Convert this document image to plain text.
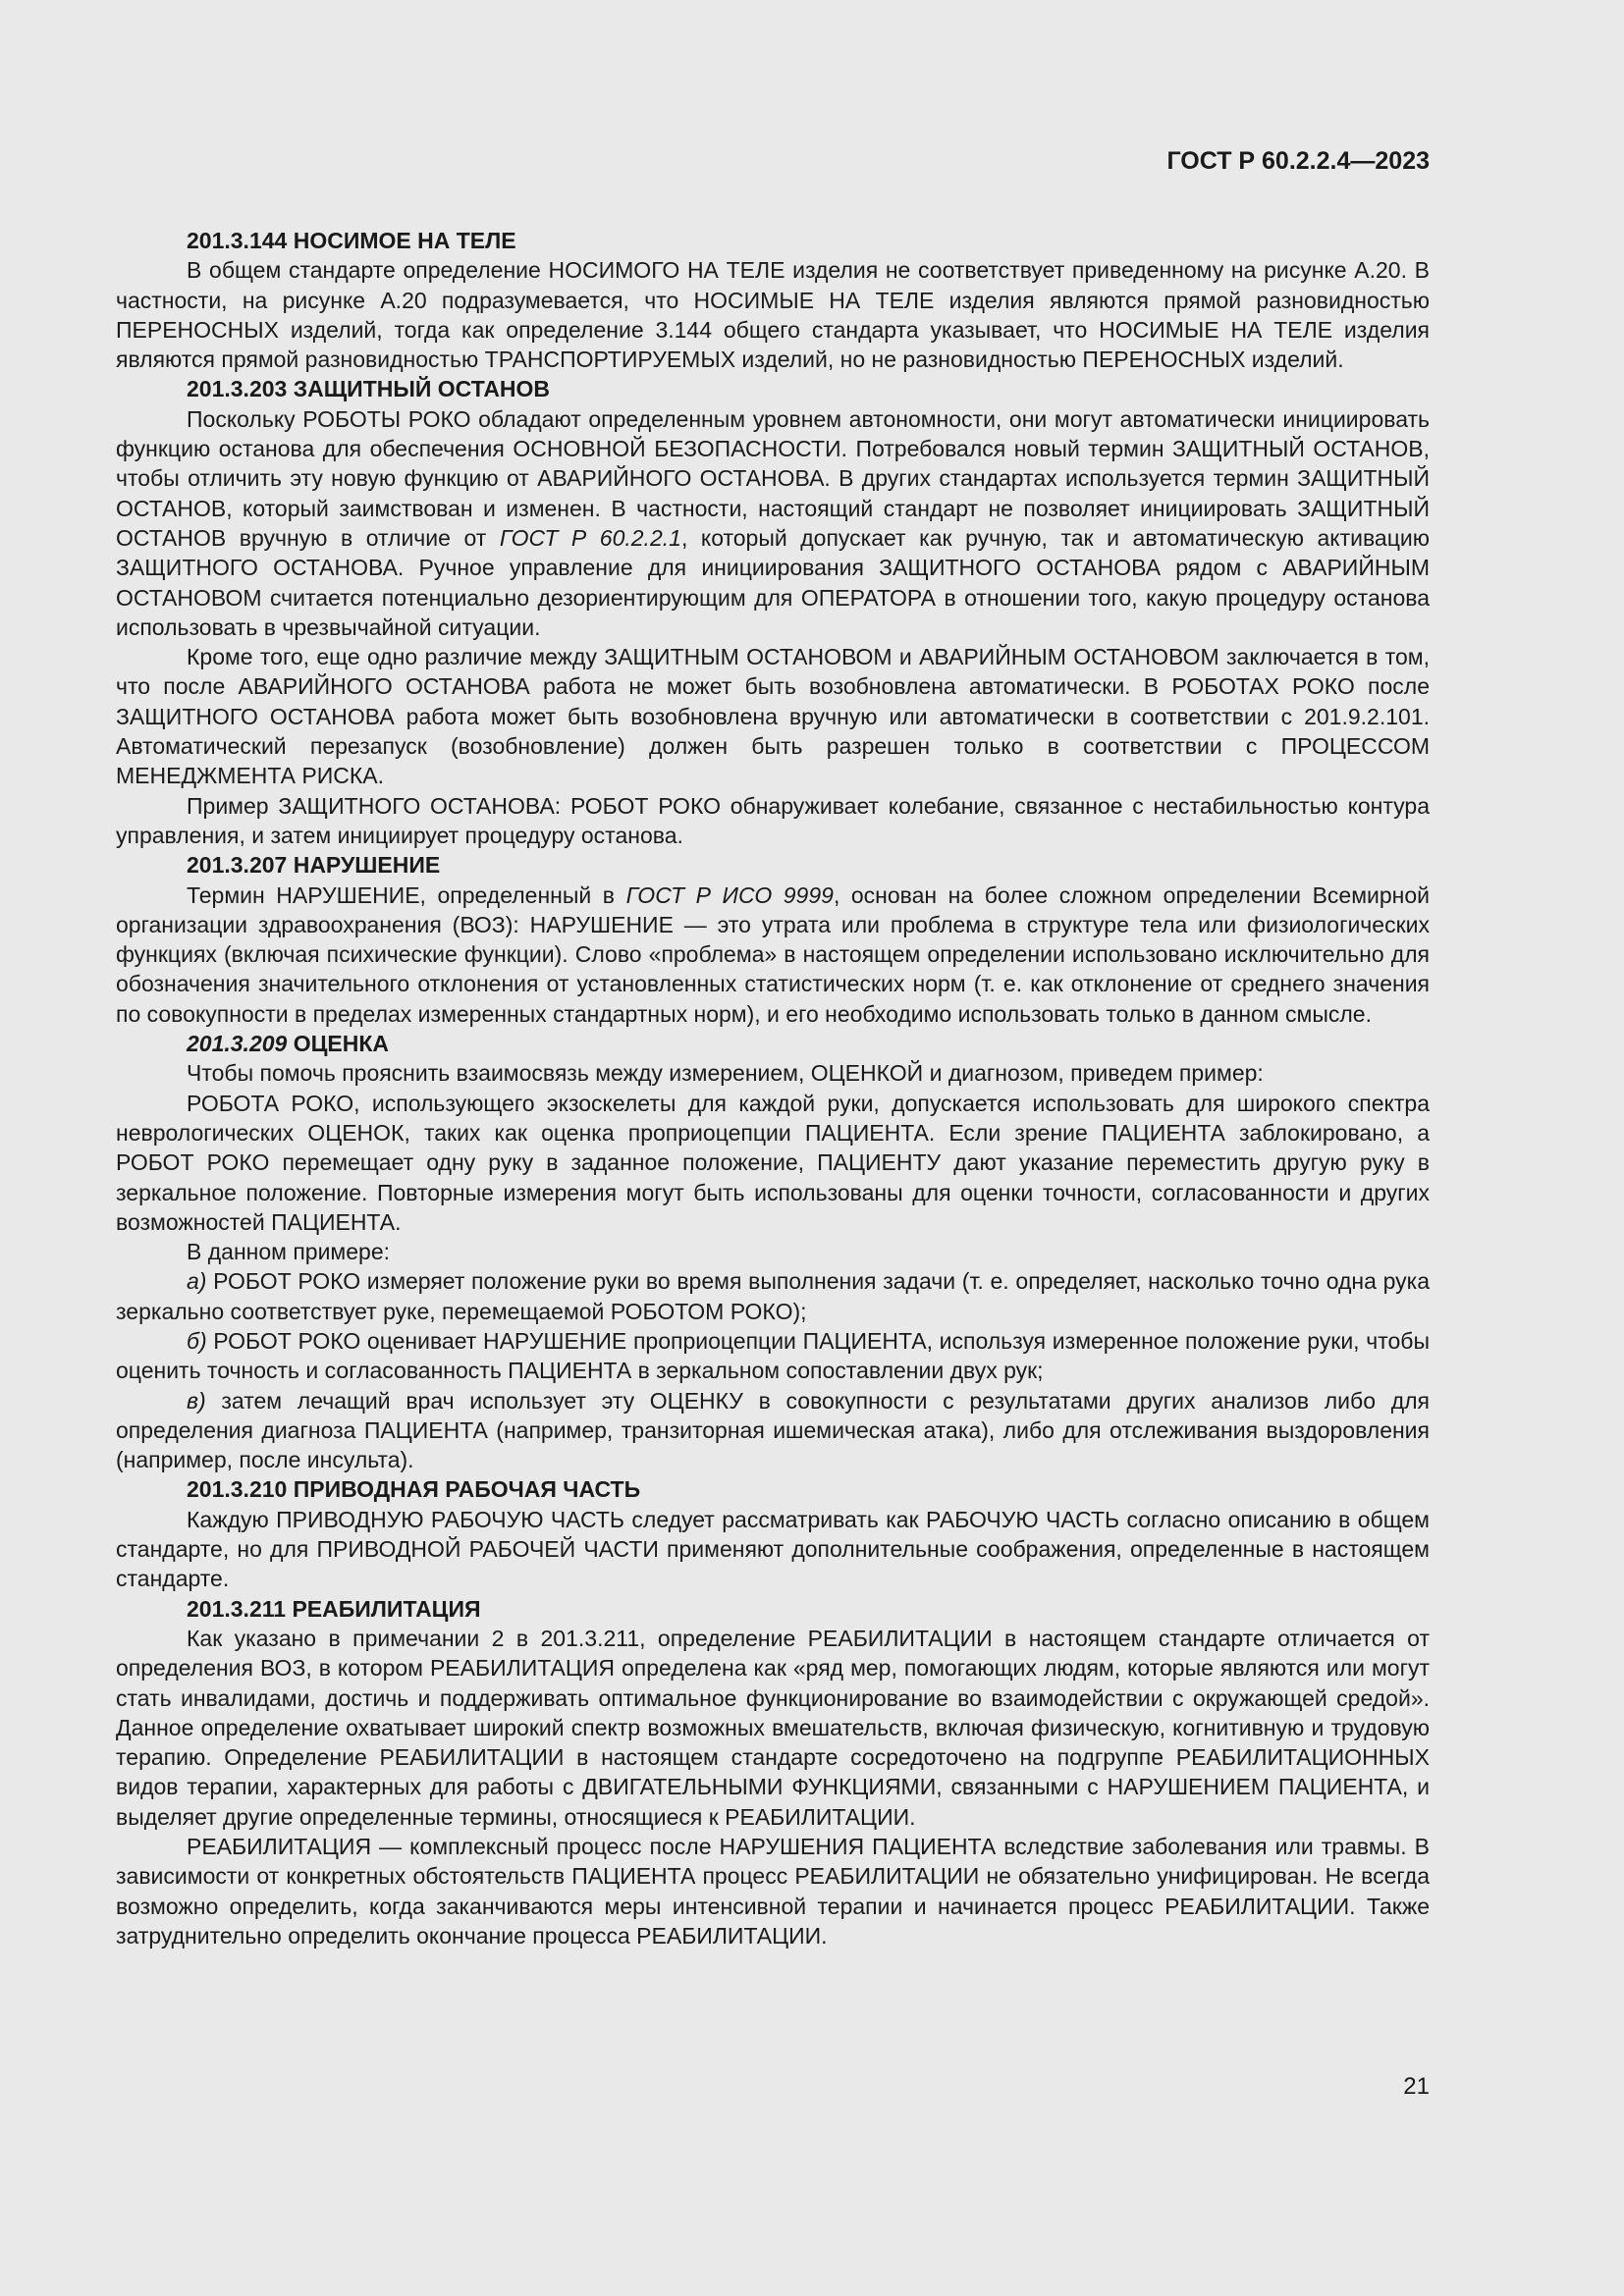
ГОСТ Р 60.2.2.4—2023
201.3.144 НОСИМОЕ НА ТЕЛЕ

В общем стандарте определение НОСИМОГО НА ТЕЛЕ изделия не соответствует приведенному на рисунке А.20. В частности, на рисунке А.20 подразумевается, что НОСИМЫЕ НА ТЕЛЕ изделия являются прямой разновидностью ПЕРЕНОСНЫХ изделий, тогда как определение 3.144 общего стандарта указывает, что НОСИМЫЕ НА ТЕЛЕ изделия являются прямой разновидностью ТРАНСПОРТИРУЕМЫХ изделий, но не разновидностью ПЕРЕНОСНЫХ изделий.

201.3.203 ЗАЩИТНЫЙ ОСТАНОВ

Поскольку РОБОТЫ РОКО обладают определенным уровнем автономности, они могут автоматически инициировать функцию останова для обеспечения ОСНОВНОЙ БЕЗОПАСНОСТИ. Потребовался новый термин ЗАЩИТНЫЙ ОСТАНОВ, чтобы отличить эту новую функцию от АВАРИЙНОГО ОСТАНОВА. В других стандартах используется термин ЗАЩИТНЫЙ ОСТАНОВ, который заимствован и изменен. В частности, настоящий стандарт не позволяет инициировать ЗАЩИТНЫЙ ОСТАНОВ вручную в отличие от ГОСТ Р 60.2.2.1, который допускает как ручную, так и автоматическую активацию ЗАЩИТНОГО ОСТАНОВА. Ручное управление для инициирования ЗАЩИТНОГО ОСТАНОВА рядом с АВАРИЙНЫМ ОСТАНОВОМ считается потенциально дезориентирующим для ОПЕРАТОРА в отношении того, какую процедуру останова использовать в чрезвычайной ситуации.

Кроме того, еще одно различие между ЗАЩИТНЫМ ОСТАНОВОМ и АВАРИЙНЫМ ОСТАНОВОМ заключается в том, что после АВАРИЙНОГО ОСТАНОВА работа не может быть возобновлена автоматически. В РОБОТАХ РОКО после ЗАЩИТНОГО ОСТАНОВА работа может быть возобновлена вручную или автоматически в соответствии с 201.9.2.101. Автоматический перезапуск (возобновление) должен быть разрешен только в соответствии с ПРОЦЕССОМ МЕНЕДЖМЕНТА РИСКА.

Пример ЗАЩИТНОГО ОСТАНОВА: РОБОТ РОКО обнаруживает колебание, связанное с нестабильностью контура управления, и затем инициирует процедуру останова.

201.3.207 НАРУШЕНИЕ

Термин НАРУШЕНИЕ, определенный в ГОСТ Р ИСО 9999, основан на более сложном определении Всемирной организации здравоохранения (ВОЗ): НАРУШЕНИЕ — это утрата или проблема в структуре тела или физиологических функциях (включая психические функции). Слово «проблема» в настоящем определении использовано исключительно для обозначения значительного отклонения от установленных статистических норм (т. е. как отклонение от среднего значения по совокупности в пределах измеренных стандартных норм), и его необходимо использовать только в данном смысле.

201.3.209 ОЦЕНКА

Чтобы помочь прояснить взаимосвязь между измерением, ОЦЕНКОЙ и диагнозом, приведем пример:

РОБОТА РОКО, использующего экзоскелеты для каждой руки, допускается использовать для широкого спектра неврологических ОЦЕНОК, таких как оценка проприоцепции ПАЦИЕНТА. Если зрение ПАЦИЕНТА заблокировано, а РОБОТ РОКО перемещает одну руку в заданное положение, ПАЦИЕНТУ дают указание переместить другую руку в зеркальное положение. Повторные измерения могут быть использованы для оценки точности, согласованности и других возможностей ПАЦИЕНТА.

В данном примере:

а) РОБОТ РОКО измеряет положение руки во время выполнения задачи (т. е. определяет, насколько точно одна рука зеркально соответствует руке, перемещаемой РОБОТОМ РОКО);

б) РОБОТ РОКО оценивает НАРУШЕНИЕ проприоцепции ПАЦИЕНТА, используя измеренное положение руки, чтобы оценить точность и согласованность ПАЦИЕНТА в зеркальном сопоставлении двух рук;

в) затем лечащий врач использует эту ОЦЕНКУ в совокупности с результатами других анализов либо для определения диагноза ПАЦИЕНТА (например, транзиторная ишемическая атака), либо для отслеживания выздоровления (например, после инсульта).

201.3.210 ПРИВОДНАЯ РАБОЧАЯ ЧАСТЬ

Каждую ПРИВОДНУЮ РАБОЧУЮ ЧАСТЬ следует рассматривать как РАБОЧУЮ ЧАСТЬ согласно описанию в общем стандарте, но для ПРИВОДНОЙ РАБОЧЕЙ ЧАСТИ применяют дополнительные соображения, определенные в настоящем стандарте.

201.3.211 РЕАБИЛИТАЦИЯ

Как указано в примечании 2 в 201.3.211, определение РЕАБИЛИТАЦИИ в настоящем стандарте отличается от определения ВОЗ, в котором РЕАБИЛИТАЦИЯ определена как «ряд мер, помогающих людям, которые являются или могут стать инвалидами, достичь и поддерживать оптимальное функционирование во взаимодействии с окружающей средой». Данное определение охватывает широкий спектр возможных вмешательств, включая физическую, когнитивную и трудовую терапию. Определение РЕАБИЛИТАЦИИ в настоящем стандарте сосредоточено на подгруппе РЕАБИЛИТАЦИОННЫХ видов терапии, характерных для работы с ДВИГАТЕЛЬНЫМИ ФУНКЦИЯМИ, связанными с НАРУШЕНИЕМ ПАЦИЕНТА, и выделяет другие определенные термины, относящиеся к РЕАБИЛИТАЦИИ.

РЕАБИЛИТАЦИЯ — комплексный процесс после НАРУШЕНИЯ ПАЦИЕНТА вследствие заболевания или травмы. В зависимости от конкретных обстоятельств ПАЦИЕНТА процесс РЕАБИЛИТАЦИИ не обязательно унифицирован. Не всегда возможно определить, когда заканчиваются меры интенсивной терапии и начинается процесс РЕАБИЛИТАЦИИ. Также затруднительно определить окончание процесса РЕАБИЛИТАЦИИ.

21
